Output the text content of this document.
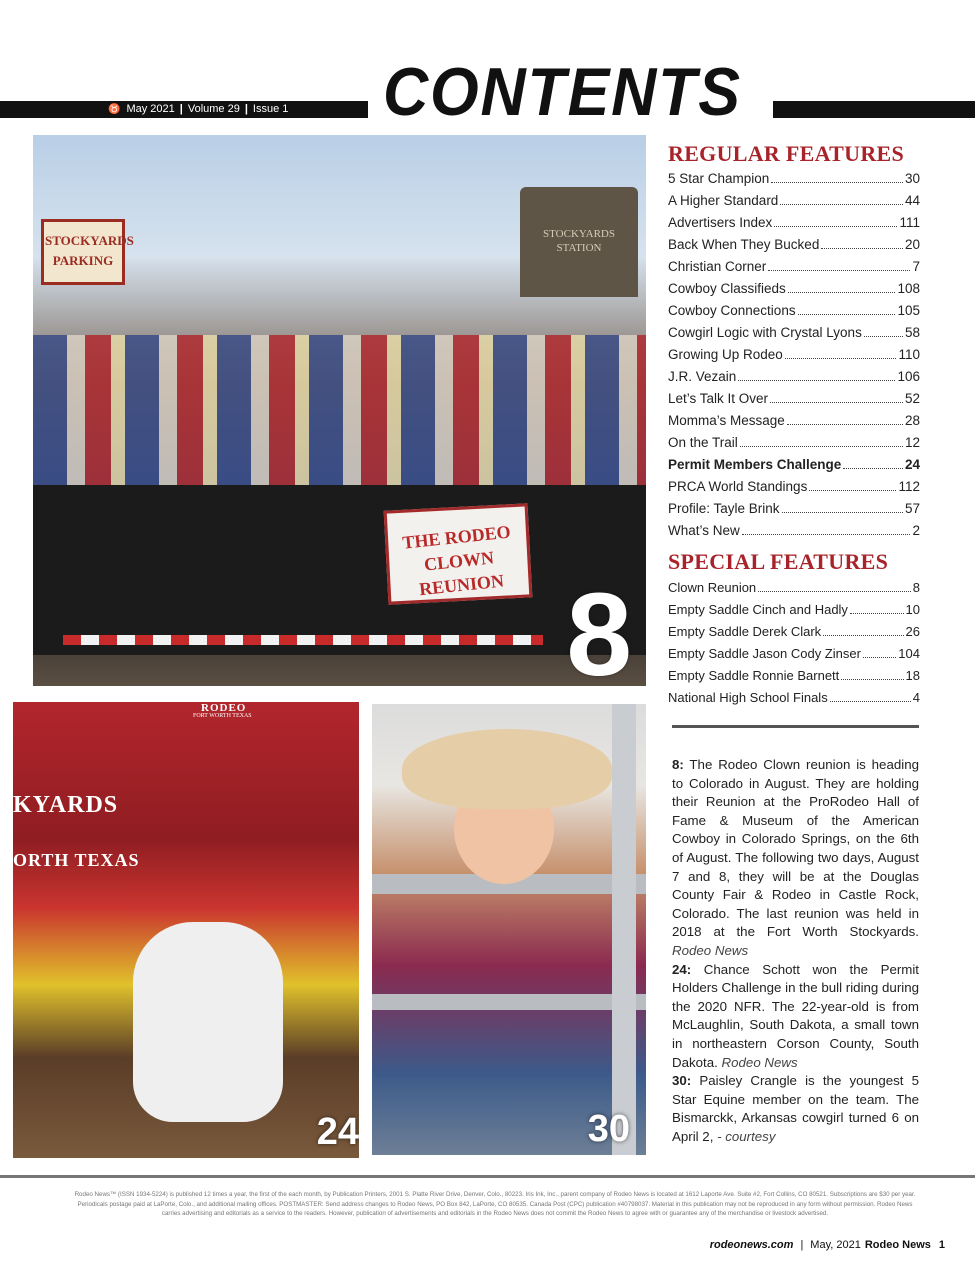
♉ May 2021 | Volume 29 | Issue 1 CONTENTS
STOCKYARDS PARKING
STOCKYARDS STATION
THE RODEO CLOWN REUNION 8
RODEO
FORT WORTH TEXAS
KYARDS
ORTH TEXAS
24	30
REGULAR FEATURES
5 Star Champion	30
A Higher Standard	44
Advertisers Index	111
Back When They Bucked	20
Christian Corner	7
Cowboy Classifieds	108
Cowboy Connections	105
Cowgirl Logic with Crystal Lyons	58
Growing Up Rodeo	110
J.R. Vezain	106
Let’s Talk It Over	52
Momma’s Message	28
On the Trail	12
Permit Members Challenge	24
PRCA World Standings	112
Profile: Tayle Brink	57
What’s New	2
SPECIAL FEATURES
Clown Reunion	8
Empty Saddle Cinch and Hadly	10
Empty Saddle Derek Clark	26
Empty Saddle Jason Cody Zinser	104
Empty Saddle Ronnie Barnett	18
National High School Finals	4

8: The Rodeo Clown reunion is heading to Colorado in August. They are holding their Reunion at the ProRodeo Hall of Fame & Museum of the American Cowboy in Colorado Springs, on the 6th of August. The following two days, August 7 and 8, they will be at the Douglas County Fair & Rodeo in Castle Rock, Colorado. The last reunion was held in 2018 at the Fort Worth Stockyards. Rodeo News

24: Chance Schott won the Permit Holders Challenge in the bull riding during the 2020 NFR. The 22-year-old is from McLaughlin, South Dakota, a small town in northeastern Corson County, South Dakota. Rodeo News

30: Paisley Crangle is the youngest 5 Star Equine member on the team. The Bismarckk, Arkansas cowgirl turned 6 on April 2, - courtesy

Rodeo News™ (ISSN 1934-5224) is published 12 times a year, the first of the each month, by Publication Printers, 2001 S. Platte River Drive, Denver, Colo., 80223. Iris Ink, Inc., parent company of Rodeo News is located at 1612 Laporte Ave. Suite #2, Fort Collins, CO 80521. Subscriptions are $30 per year. Periodicals postage paid at LaPorte, Colo., and additional mailing offices. POSTMASTER: Send address changes to Rodeo News, PO Box 842, LaPorte, CO 80535. Canada Post (CPC) publication #40798037. Material in this publication may not be reproduced in any form without permission. Rodeo News carries advertising and editorials as a service to the readers. However, publication of advertisements and editorials in the Rodeo News does not commit the Rodeo News to agree with or guarantee any of the merchandise or livestock advertised.
rodeonews.com | May, 2021 Rodeo News 1
